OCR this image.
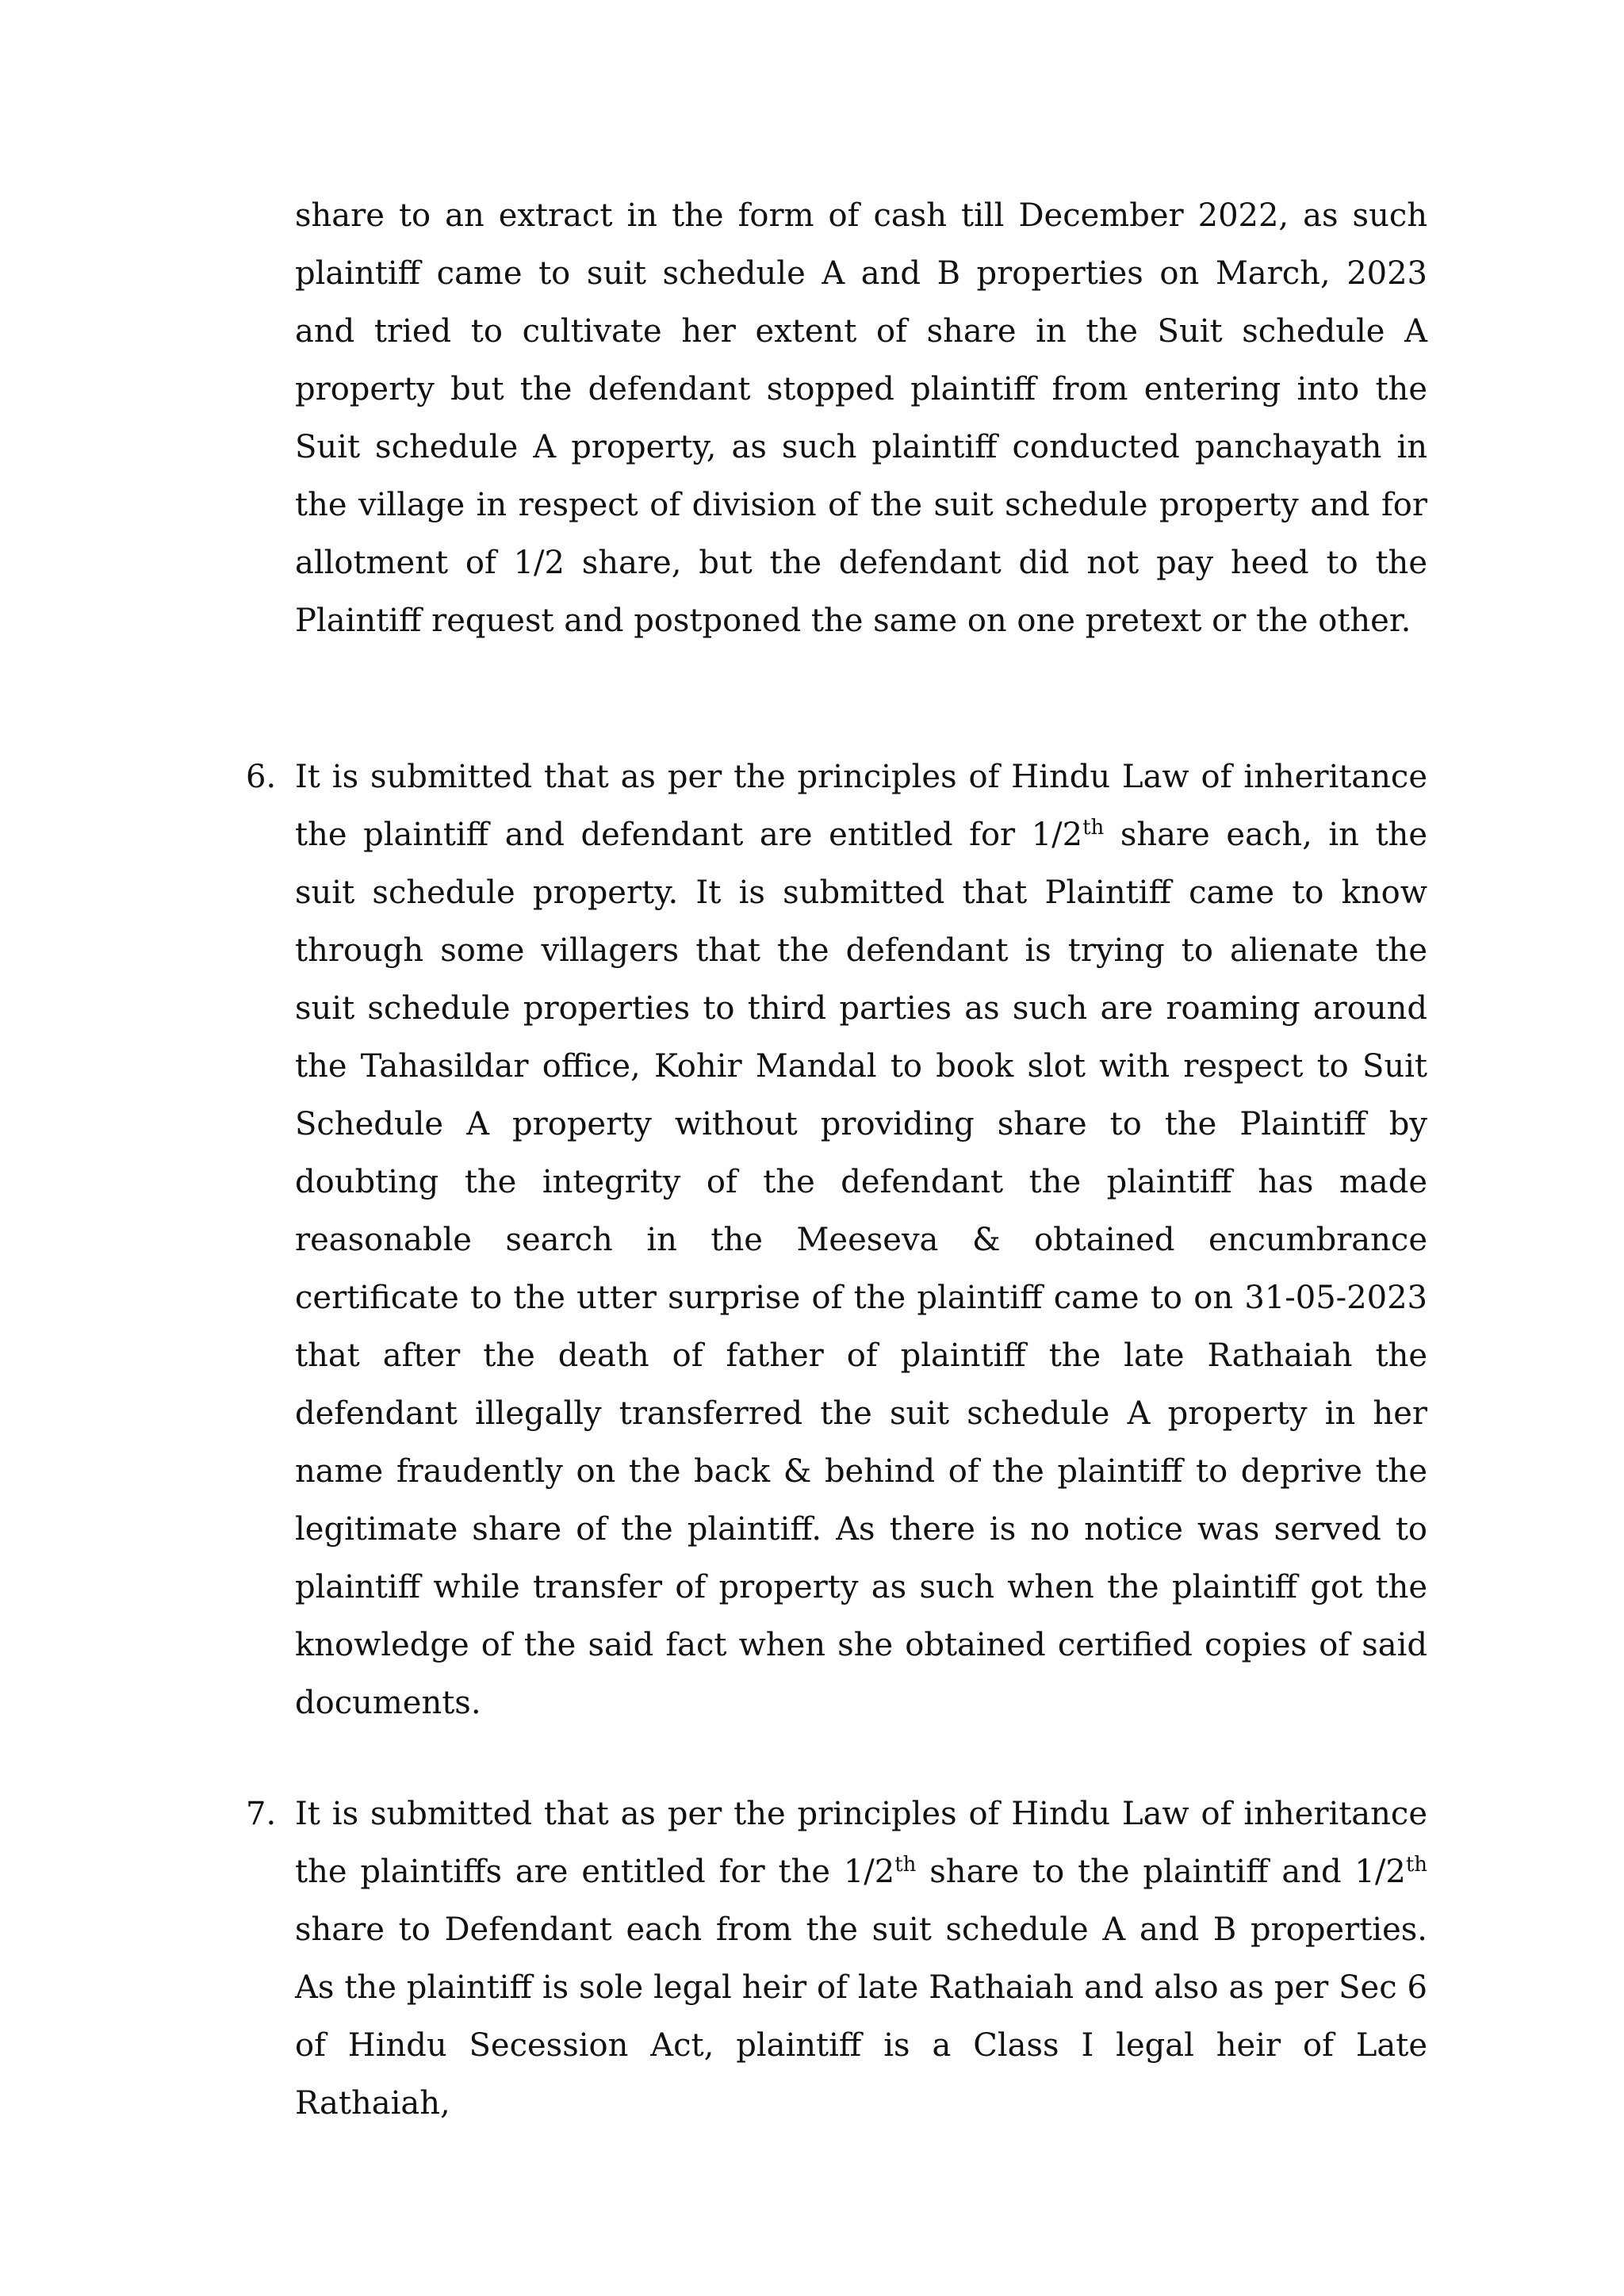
share to an extract in the form of cash till December 2022, as such plaintiff came to suit schedule A and B properties on March, 2023 and tried to cultivate her extent of share in the Suit schedule A property but the defendant stopped plaintiff from entering into the Suit schedule A property, as such plaintiff conducted panchayath in the village in respect of division of the suit schedule property and for allotment of 1/2 share, but the defendant did not pay heed to the Plaintiff request and postponed the same on one pretext or the other.

6. It is submitted that as per the principles of Hindu Law of inheritance the plaintiff and defendant are entitled for 1/2th share each, in the suit schedule property. It is submitted that Plaintiff came to know through some villagers that the defendant is trying to alienate the suit schedule properties to third parties as such are roaming around the Tahasildar office, Kohir Mandal to book slot with respect to Suit Schedule A property without providing share to the Plaintiff by doubting the integrity of the defendant the plaintiff has made reasonable search in the Meeseva & obtained encumbrance certificate to the utter surprise of the plaintiff came to on 31-05-2023 that after the death of father of plaintiff the late Rathaiah the defendant illegally transferred the suit schedule A property in her name fraudently on the back & behind of the plaintiff to deprive the legitimate share of the plaintiff. As there is no notice was served to plaintiff while transfer of property as such when the plaintiff got the knowledge of the said fact when she obtained certified copies of said documents.

7. It is submitted that as per the principles of Hindu Law of inheritance the plaintiffs are entitled for the 1/2th share to the plaintiff and 1/2th share to Defendant each from the suit schedule A and B properties. As the plaintiff is sole legal heir of late Rathaiah and also as per Sec 6 of Hindu Secession Act, plaintiff is a Class I legal heir of Late Rathaiah,
